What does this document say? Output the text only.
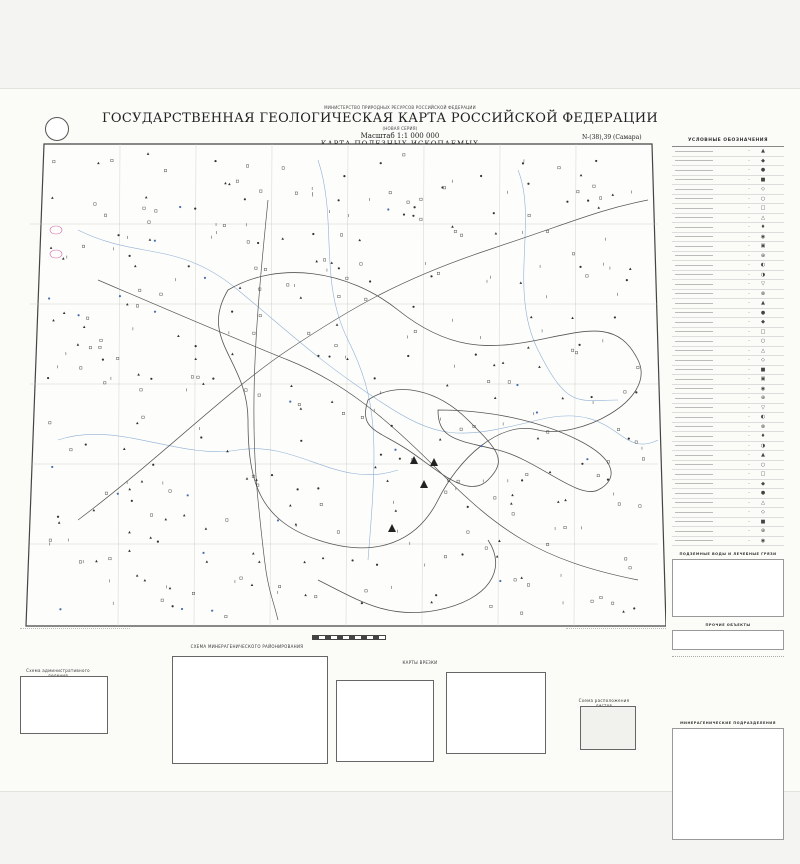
МИНИСТЕРСТВО ПРИРОДНЫХ РЕСУРСОВ РОССИЙСКОЙ ФЕДЕРАЦИИ
ГОСУДАРСТВЕННАЯ ГЕОЛОГИЧЕСКАЯ КАРТА РОССИЙСКОЙ ФЕДЕРАЦИИ
(НОВАЯ СЕРИЯ)
Масштаб 1:1 000 000	N-(38),39 (Самара)	УСЛОВНЫЕ ОБОЗНАЧЕНИЯ
·	▲
·	◆
·	●
·	■
·	◇
·	○
·	□
·	△
·	♦
·	◉
·	▣
·	⊕
·	◐
·	◑
·	▽
·	⊗
·	▲
·	●
·	◆
·	□
·	○
·	△
·	◇
·	■
·	▣
·	◉
·	⊕
·	▽
·	◐
·	⊗
·	♦
·	◑
·	▲
·	○
·	□
·	◆
·	●
·	△
·	◇
·	■
·	⊕
·	◉
ПОДЗЕМНЫЕ ВОДЫ И ЛЕЧЕБНЫЕ ГРЯЗИ
ПРОЧИЕ ОБЪЕКТЫ
МИНЕРАГЕНИЧЕСКИЕ ПОДРАЗДЕЛЕНИЯ
Схема административного
СХЕМА МИНЕРАГЕНИЧЕСКОГО РАЙОНИРОВАНИЯ
КАРТЫ ВРЕЗКИ
Схема расположения
